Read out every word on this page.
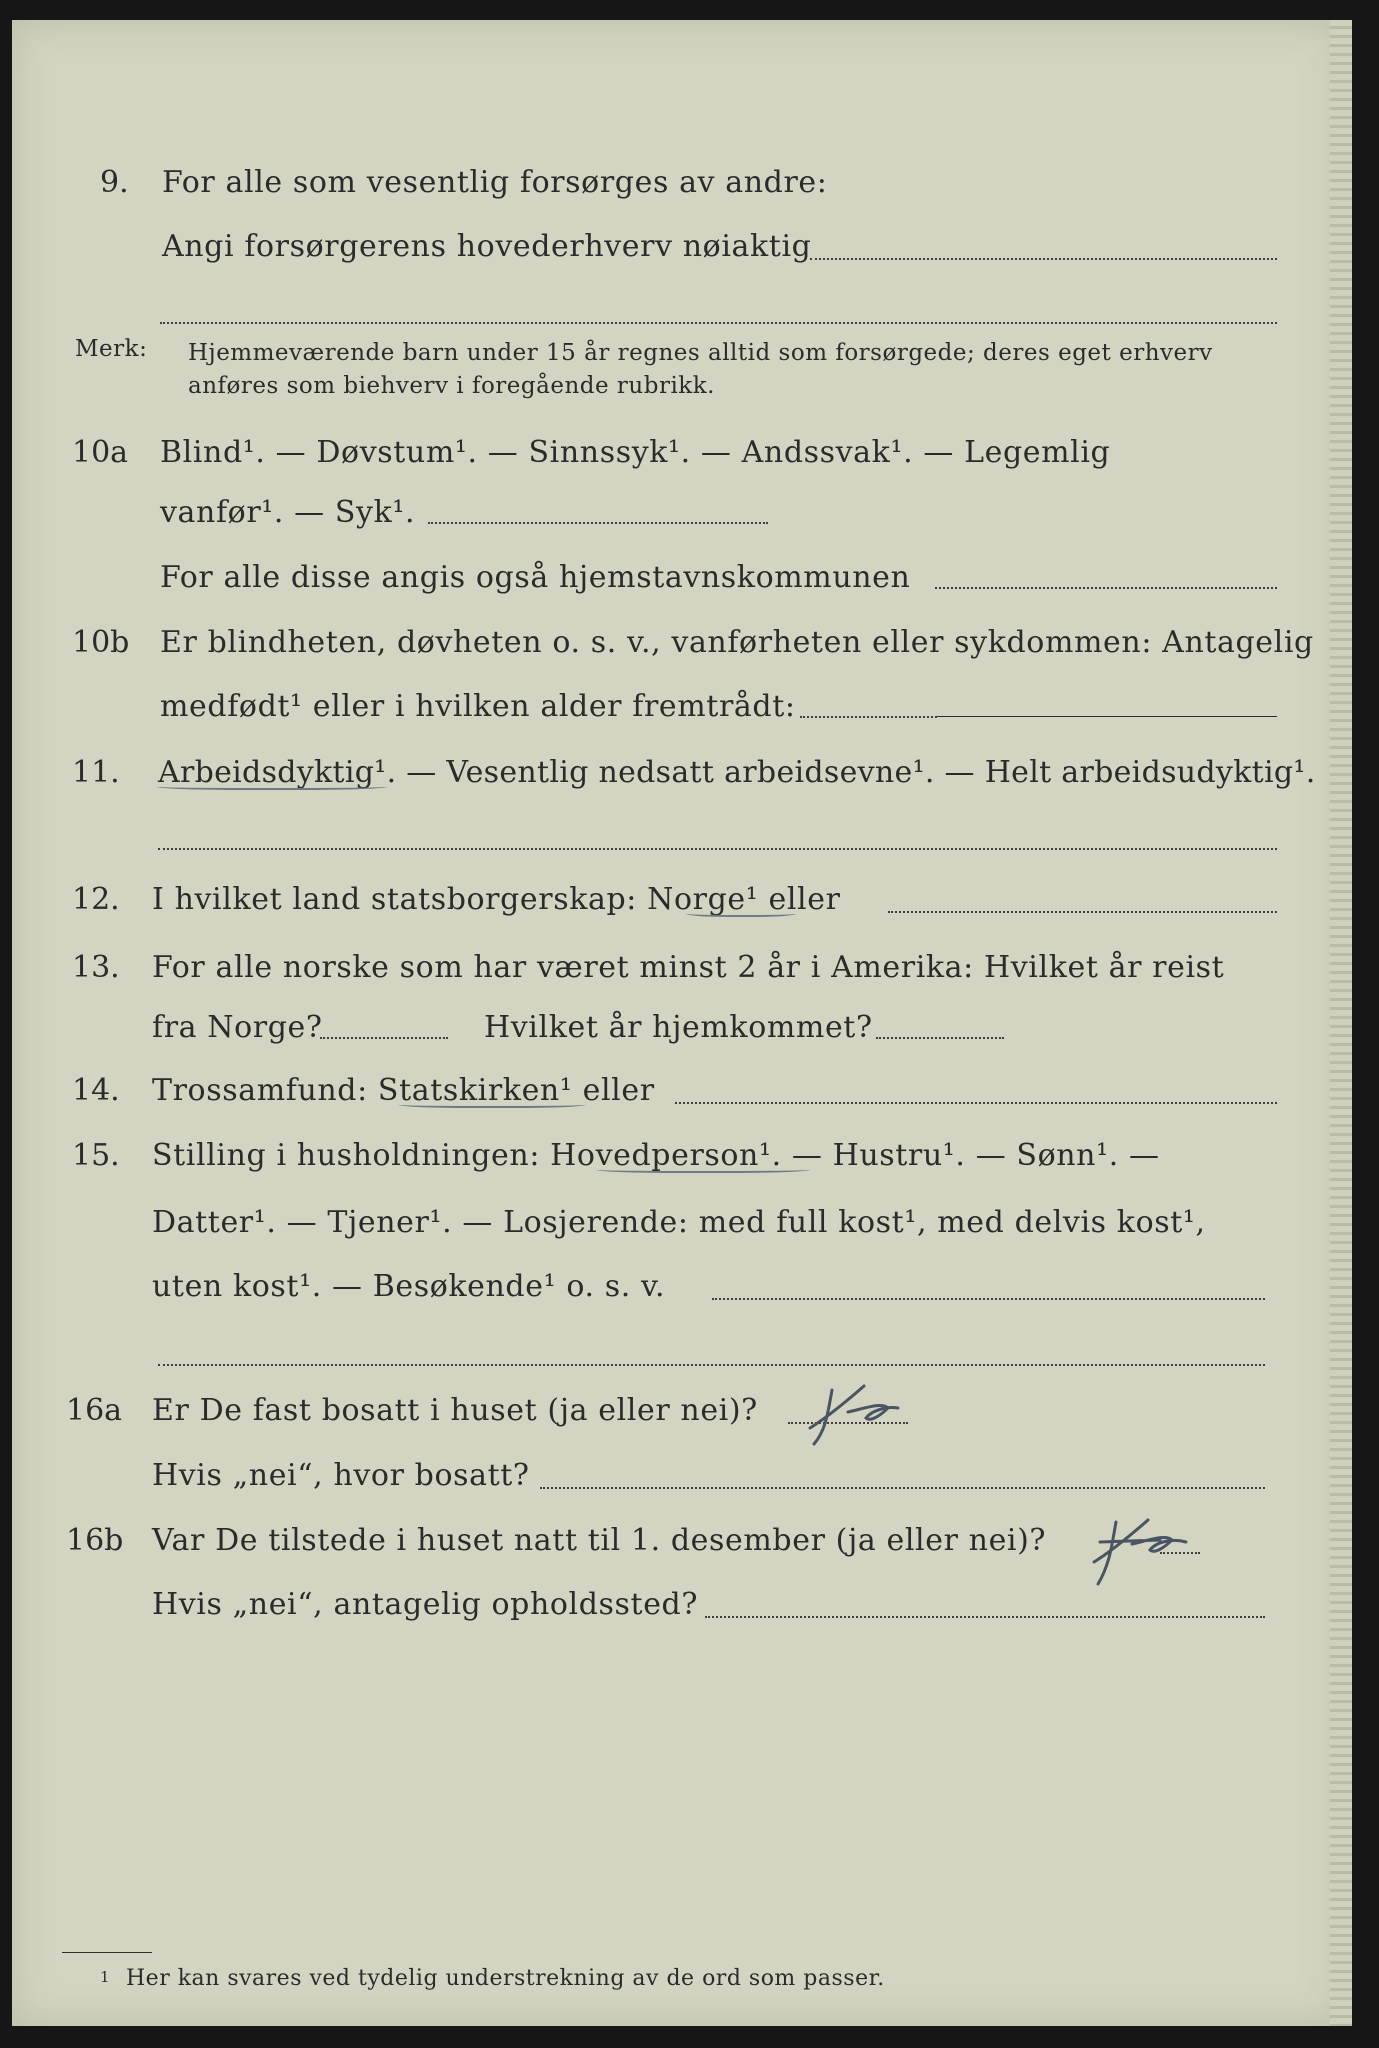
9. For alle som vesentlig forsørges av andre:
Angi forsørgerens hovederhverv nøiaktig
Merk: Hjemmeværende barn under 15 år regnes alltid som forsørgede; deres eget erhverv
anføres som biehverv i foregående rubrikk.
10a Blind¹. — Døvstum¹. — Sinnssyk¹. — Andssvak¹. — Legemlig
vanfør¹. — Syk¹.
For alle disse angis også hjemstavnskommunen
10b Er blindheten, døvheten o. s. v., vanførheten eller sykdommen: Antagelig
medfødt¹ eller i hvilken alder fremtrådt:
11. Arbeidsdyktig¹. — Vesentlig nedsatt arbeidsevne¹. — Helt arbeidsudyktig¹.
12. I hvilket land statsborgerskap: Norge¹ eller
13. For alle norske som har været minst 2 år i Amerika: Hvilket år reist
fra Norge?	Hvilket år hjemkommet?
14. Trossamfund: Statskirken¹ eller
15. Stilling i husholdningen: Hovedperson¹. — Hustru¹. — Sønn¹. —
Datter¹. — Tjener¹. — Losjerende: med full kost¹, med delvis kost¹,
uten kost¹. — Besøkende¹ o. s. v.
16a Er De fast bosatt i huset (ja eller nei)?
Hvis „nei“, hvor bosatt?
16b Var De tilstede i huset natt til 1. desember (ja eller nei)?
Hvis „nei“, antagelig opholdssted?
1 Her kan svares ved tydelig understrekning av de ord som passer.
